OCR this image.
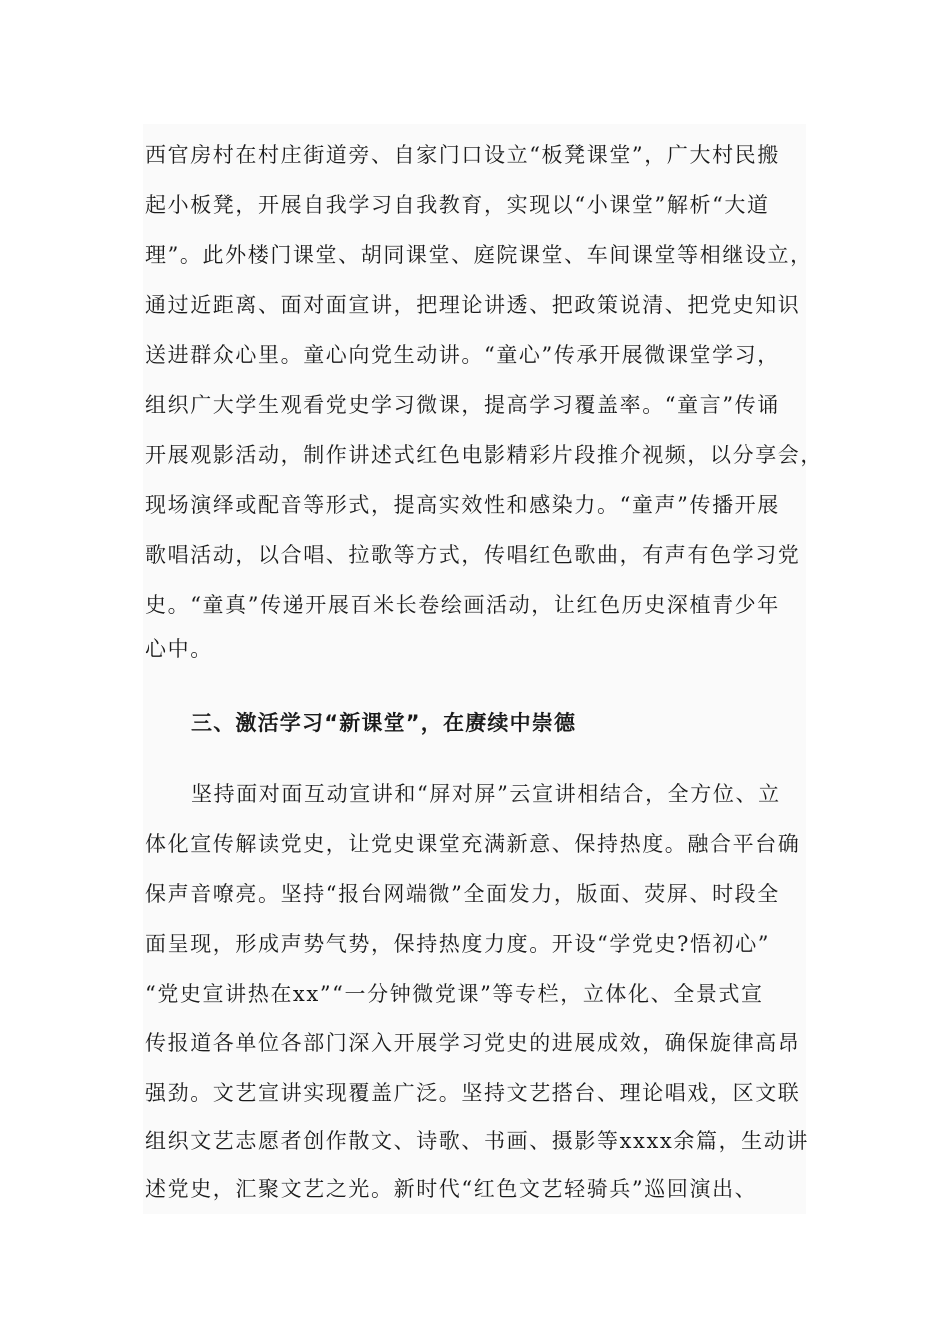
西官房村在村庄街道旁、自家门口设立“板凳课堂”，广大村民搬
起小板凳，开展自我学习自我教育，实现以“小课堂”解析“大道
理”。此外楼门课堂、胡同课堂、庭院课堂、车间课堂等相继设立，
通过近距离、面对面宣讲，把理论讲透、把政策说清、把党史知识
送进群众心里。童心向党生动讲。“童心”传承开展微课堂学习，
组织广大学生观看党史学习微课，提高学习覆盖率。“童言”传诵
开展观影活动，制作讲述式红色电影精彩片段推介视频，以分享会，
现场演绎或配音等形式，提高实效性和感染力。“童声”传播开展
歌唱活动，以合唱、拉歌等方式，传唱红色歌曲，有声有色学习党
史。“童真”传递开展百米长卷绘画活动，让红色历史深植青少年
心中。
三、激活学习“新课堂”，在赓续中崇德
坚持面对面互动宣讲和“屏对屏”云宣讲相结合，全方位、立
体化宣传解读党史，让党史课堂充满新意、保持热度。融合平台确
保声音嘹亮。坚持“报台网端微”全面发力，版面、荧屏、时段全
面呈现，形成声势气势，保持热度力度。开设“学党史?悟初心”
“党史宣讲热在xx”“一分钟微党课”等专栏，立体化、全景式宣
传报道各单位各部门深入开展学习党史的进展成效，确保旋律高昂
强劲。文艺宣讲实现覆盖广泛。坚持文艺搭台、理论唱戏，区文联
组织文艺志愿者创作散文、诗歌、书画、摄影等xxxx余篇，生动讲
述党史，汇聚文艺之光。新时代“红色文艺轻骑兵”巡回演出、
